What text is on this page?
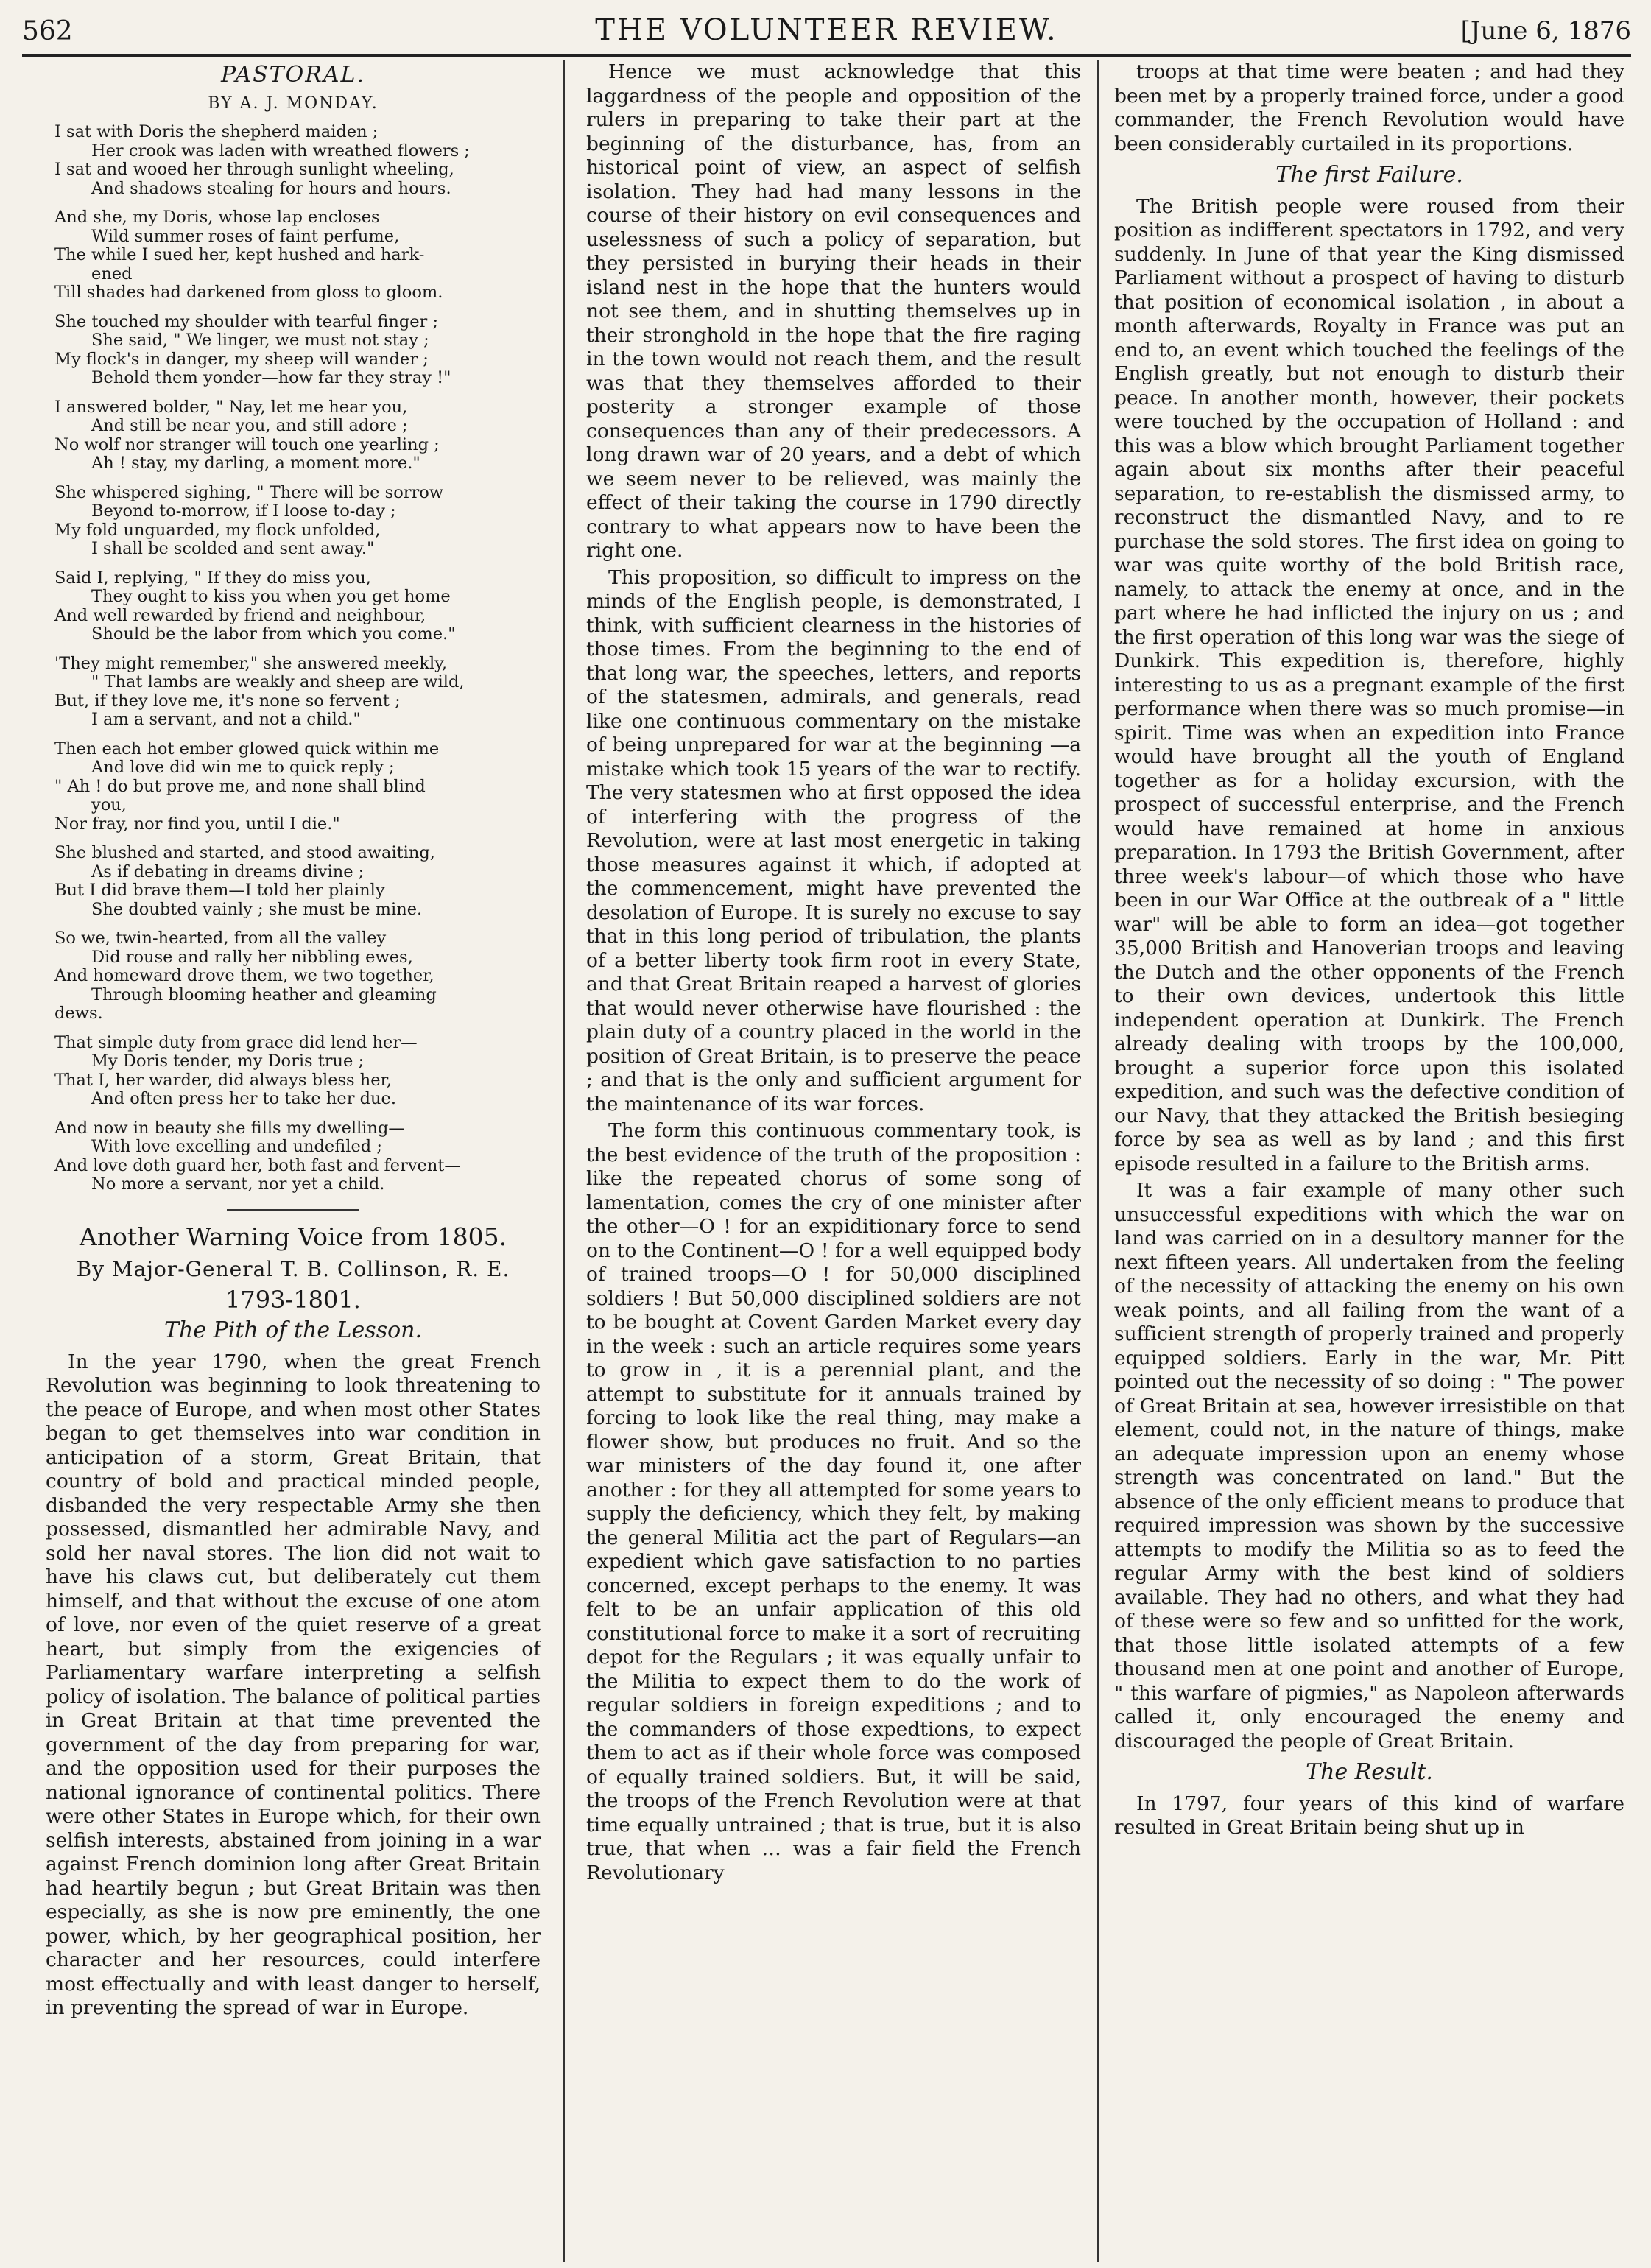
562	THE VOLUNTEER REVIEW.	[June 6, 1876
PASTORAL.
BY A. J. MONDAY.
I sat with Doris the shepherd maiden ;
Her crook was laden with wreathed flowers ;
I sat and wooed her through sunlight wheeling,
And shadows stealing for hours and hours.
And she, my Doris, whose lap encloses
Wild summer roses of faint perfume,
The while I sued her, kept hushed and hark-
ened
Till shades had darkened from gloss to gloom.
She touched my shoulder with tearful finger ;
She said, " We linger, we must not stay ;
My flock's in danger, my sheep will wander ;
Behold them yonder—how far they stray !"
I answered bolder, " Nay, let me hear you,
And still be near you, and still adore ;
No wolf nor stranger will touch one yearling ;
Ah ! stay, my darling, a moment more."
She whispered sighing, " There will be sorrow
Beyond to-morrow, if I loose to-day ;
My fold unguarded, my flock unfolded,
I shall be scolded and sent away."
Said I, replying, " If they do miss you,
They ought to kiss you when you get home
And well rewarded by friend and neighbour,
Should be the labor from which you come."
'They might remember," she answered meekly,
" That lambs are weakly and sheep are wild,
But, if they love me, it's none so fervent ;
I am a servant, and not a child."
Then each hot ember glowed quick within me
And love did win me to quick reply ;
" Ah ! do but prove me, and none shall blind
you,
Nor fray, nor find you, until I die."
She blushed and started, and stood awaiting,
As if debating in dreams divine ;
But I did brave them—I told her plainly
She doubted vainly ; she must be mine.
So we, twin-hearted, from all the valley
Did rouse and rally her nibbling ewes,
And homeward drove them, we two together,
Through blooming heather and gleaming
dews.
That simple duty from grace did lend her—
My Doris tender, my Doris true ;
That I, her warder, did always bless her,
And often press her to take her due.
And now in beauty she fills my dwelling—
With love excelling and undefiled ;
And love doth guard her, both fast and fervent—
No more a servant, nor yet a child.
Another Warning Voice from 1805.
By Major-General T. B. Collinson, R. E.
1793-1801.
The Pith of the Lesson.

In the year 1790, when the great French Revolution was beginning to look threatening to the peace of Europe, and when most other States began to get themselves into war condition in anticipation of a storm, Great Britain, that country of bold and practical minded people, disbanded the very respectable Army she then possessed, dismantled her admirable Navy, and sold her naval stores. The lion did not wait to have his claws cut, but deliberately cut them himself, and that without the excuse of one atom of love, nor even of the quiet reserve of a great heart, but simply from the exigencies of Parliamentary warfare interpreting a selfish policy of isolation. The balance of political parties in Great Britain at that time prevented the government of the day from preparing for war, and the opposition used for their purposes the national ignorance of continental politics. There were other States in Europe which, for their own selfish interests, abstained from joining in a war against French dominion long after Great Britain had heartily begun ; but Great Britain was then especially, as she is now pre eminently, the one power, which, by her geographical position, her character and her resources, could interfere most effectually and with least danger to herself, in preventing the spread of war in Europe.

Hence we must acknowledge that this laggardness of the people and opposition of the rulers in preparing to take their part at the beginning of the disturbance, has, from an historical point of view, an aspect of selfish isolation. They had had many lessons in the course of their history on evil consequences and uselessness of such a policy of separation, but they persisted in burying their heads in their island nest in the hope that the hunters would not see them, and in shutting themselves up in their stronghold in the hope that the fire raging in the town would not reach them, and the result was that they themselves afforded to their posterity a stronger example of those consequences than any of their predecessors. A long drawn war of 20 years, and a debt of which we seem never to be relieved, was mainly the effect of their taking the course in 1790 directly contrary to what appears now to have been the right one.

This proposition, so difficult to impress on the minds of the English people, is demonstrated, I think, with sufficient clearness in the histories of those times. From the beginning to the end of that long war, the speeches, letters, and reports of the statesmen, admirals, and generals, read like one continuous commentary on the mistake of being unprepared for war at the beginning —a mistake which took 15 years of the war to rectify. The very statesmen who at first opposed the idea of interfering with the progress of the Revolution, were at last most energetic in taking those measures against it which, if adopted at the commencement, might have prevented the desolation of Europe. It is surely no excuse to say that in this long period of tribulation, the plants of a better liberty took firm root in every State, and that Great Britain reaped a harvest of glories that would never otherwise have flourished : the plain duty of a country placed in the world in the position of Great Britain, is to preserve the peace ; and that is the only and sufficient argument for the maintenance of its war forces.

The form this continuous commentary took, is the best evidence of the truth of the proposition : like the repeated chorus of some song of lamentation, comes the cry of one minister after the other—O ! for an expiditionary force to send on to the Continent—O ! for a well equipped body of trained troops—O ! for 50,000 disciplined soldiers ! But 50,000 disciplined soldiers are not to be bought at Covent Garden Market every day in the week : such an article requires some years to grow in , it is a perennial plant, and the attempt to substitute for it annuals trained by forcing to look like the real thing, may make a flower show, but produces no fruit. And so the war ministers of the day found it, one after another : for they all attempted for some years to supply the deficiency, which they felt, by making the general Militia act the part of Regulars—an expedient which gave satisfaction to no parties concerned, except perhaps to the enemy. It was felt to be an unfair application of this old constitutional force to make it a sort of recruiting depot for the Regulars ; it was equally unfair to the Militia to expect them to do the work of regular soldiers in foreign expeditions ; and to the commanders of those expedtions, to expect them to act as if their whole force was composed of equally trained soldiers. But, it will be said, the troops of the French Revolution were at that time equally untrained ; that is true, but it is also true, that when … was a fair field the French Revolutionary

troops at that time were beaten ; and had they been met by a properly trained force, under a good commander, the French Revolution would have been considerably curtailed in its proportions.

The first Failure.

The British people were roused from their position as indifferent spectators in 1792, and very suddenly. In June of that year the King dismissed Parliament without a prospect of having to disturb that position of economical isolation , in about a month afterwards, Royalty in France was put an end to, an event which touched the feelings of the English greatly, but not enough to disturb their peace. In another month, however, their pockets were touched by the occupation of Holland : and this was a blow which brought Parliament together again about six months after their peaceful separation, to re-establish the dismissed army, to reconstruct the dismantled Navy, and to re purchase the sold stores. The first idea on going to war was quite worthy of the bold British race, namely, to attack the enemy at once, and in the part where he had inflicted the injury on us ; and the first operation of this long war was the siege of Dunkirk. This expedition is, therefore, highly interesting to us as a pregnant example of the first performance when there was so much promise—in spirit. Time was when an expedition into France would have brought all the youth of England together as for a holiday excursion, with the prospect of successful enterprise, and the French would have remained at home in anxious preparation. In 1793 the British Government, after three week's labour—of which those who have been in our War Office at the outbreak of a " little war" will be able to form an idea—got together 35,000 British and Hanoverian troops and leaving the Dutch and the other opponents of the French to their own devices, undertook this little independent operation at Dunkirk. The French already dealing with troops by the 100,000, brought a superior force upon this isolated expedition, and such was the defective condition of our Navy, that they attacked the British besieging force by sea as well as by land ; and this first episode resulted in a failure to the British arms.

It was a fair example of many other such unsuccessful expeditions with which the war on land was carried on in a desultory manner for the next fifteen years. All undertaken from the feeling of the necessity of attacking the enemy on his own weak points, and all failing from the want of a sufficient strength of properly trained and properly equipped soldiers. Early in the war, Mr. Pitt pointed out the necessity of so doing : " The power of Great Britain at sea, however irresistible on that element, could not, in the nature of things, make an adequate impression upon an enemy whose strength was concentrated on land." But the absence of the only efficient means to produce that required impression was shown by the successive attempts to modify the Militia so as to feed the regular Army with the best kind of soldiers available. They had no others, and what they had of these were so few and so unfitted for the work, that those little isolated attempts of a few thousand men at one point and another of Europe, " this warfare of pigmies," as Napoleon afterwards called it, only encouraged the enemy and discouraged the people of Great Britain.

The Result.

In 1797, four years of this kind of warfare resulted in Great Britain being shut up in
